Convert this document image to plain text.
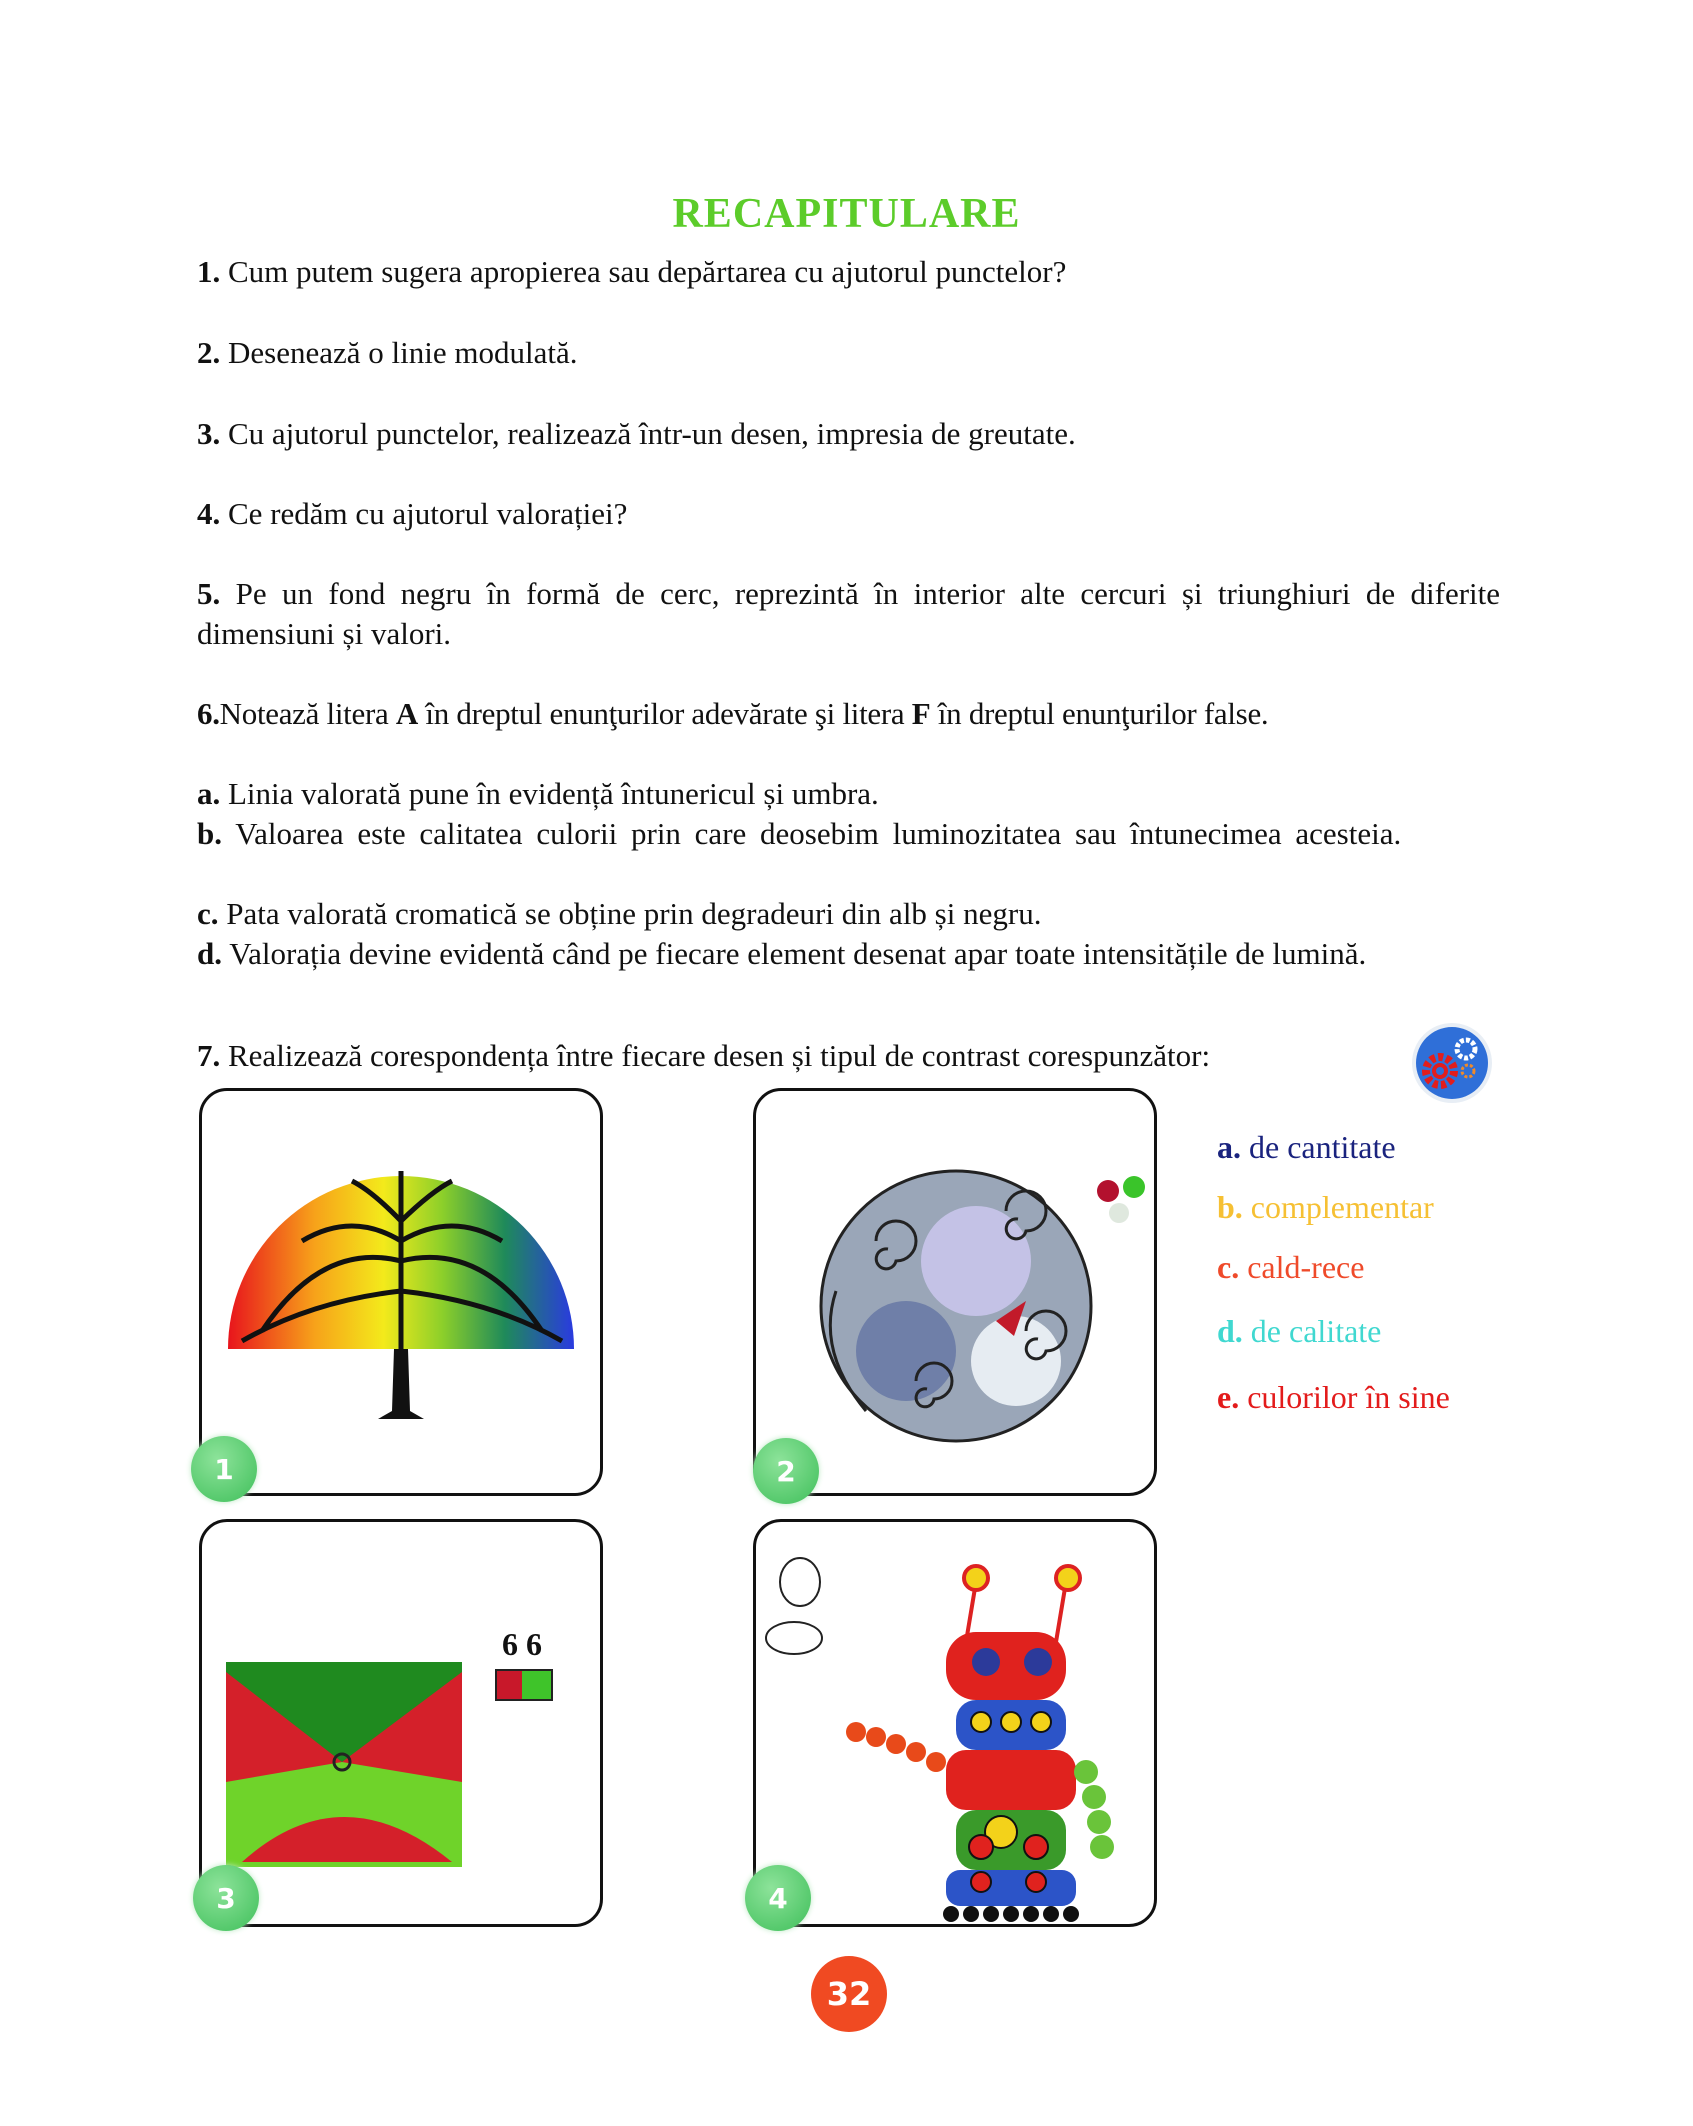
RECAPITULARE
1. Cum putem sugera apropierea sau depărtarea cu ajutorul punctelor?
2. Desenează o linie modulată.
3. Cu ajutorul punctelor, realizează într-un desen, impresia de greutate.
4. Ce redăm cu ajutorul valorației?
5. Pe un fond negru în formă de cerc, reprezintă în interior alte cercuri și triunghiuri de diferite dimensiuni și valori.
6.Notează litera A în dreptul enunţurilor adevărate şi litera F în dreptul enunţurilor false.
a. Linia valorată pune în evidență întunericul și umbra.
b. Valoarea este calitatea culorii prin care deosebim luminozitatea sau întunecimea acesteia.
c. Pata valorată cromatică se obține prin degradeuri din alb și negru.
d. Valorația devine evidentă când pe fiecare element desenat apar toate intensitățile de lumină.
7. Realizează corespondența între fiecare desen și tipul de contrast corespunzător:
1	2
6 6
3	4
a. de cantitate
b. complementar
c. cald-rece
d. de calitate
e. culorilor în sine
32
